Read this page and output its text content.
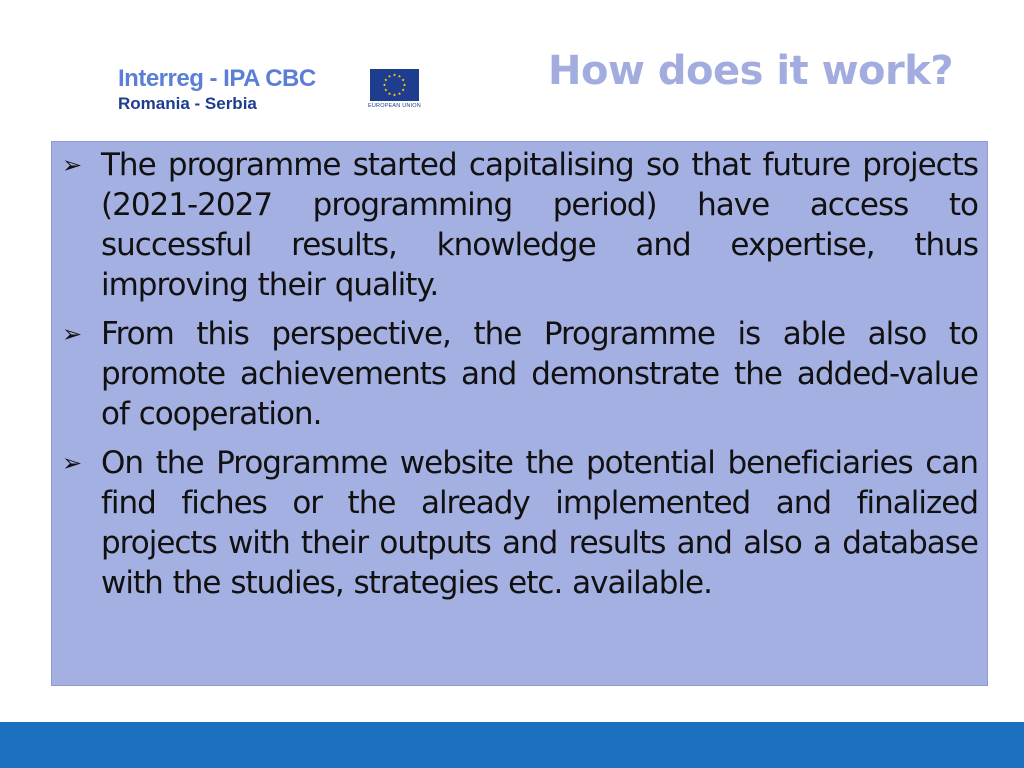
Interreg - IPA CBC
Romania - Serbia	EUROPEAN UNION
How does it work?
➢ The programme started capitalising so that future projects (2021-2027 programming period) have access to successful results, knowledge and expertise, thus improving their quality.
➢ From this perspective, the Programme is able also to promote achievements and demonstrate the added-value of cooperation.
➢ On the Programme website the potential beneficiaries can find fiches or the already implemented and finalized projects with their outputs and results and also a database with the studies, strategies etc. available.
